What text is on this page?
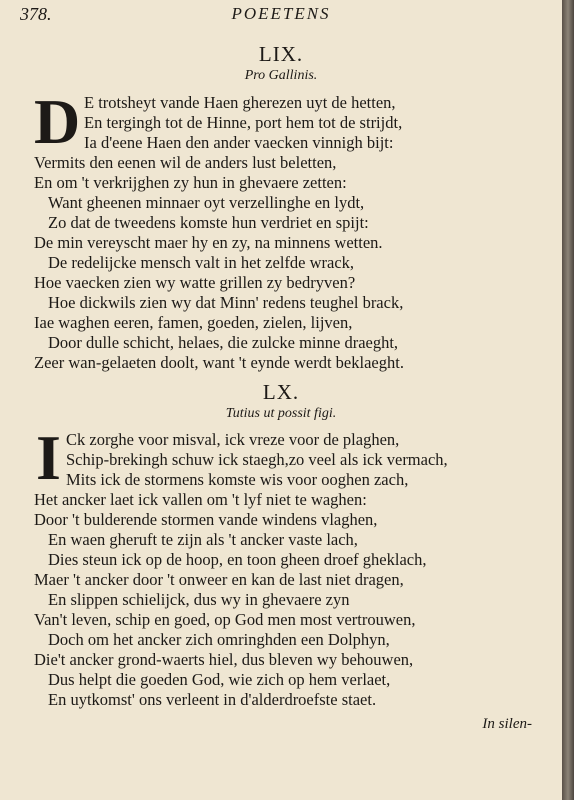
378.	POEETENS
LIX.
Pro Gallinis.
D E trotsheyt vande Haen gherezen uyt de hetten,
En tergingh tot de Hinne, port hem tot de strijdt,
Ia d'eene Haen den ander vaecken vinnigh bijt:
Vermits den eenen wil de anders lust beletten,
En om 't verkrijghen zy hun in ghevaere zetten:
Want gheenen minnaer oyt verzellinghe en lydt,
Zo dat de tweedens komste hun verdriet en spijt:
De min vereyscht maer hy en zy, na minnens wetten.
De redelijcke mensch valt in het zelfde wrack,
Hoe vaecken zien wy watte grillen zy bedryven?
Hoe dickwils zien wy dat Minn' redens teughel brack,
Iae waghen eeren, famen, goeden, zielen, lijven,
Door dulle schicht, helaes, die zulcke minne draeght,
Zeer wan-gelaeten doolt, want 't eynde werdt beklaeght.
LX.
Tutius ut possit figi.
I Ck zorghe voor misval, ick vreze voor de plaghen,
Schip-brekingh schuw ick staegh,zo veel als ick vermach,
Mits ick de stormens komste wis voor ooghen zach,
Het ancker laet ick vallen om 't lyf niet te waghen:
Door 't bulderende stormen vande windens vlaghen,
En waen gheruft te zijn als 't ancker vaste lach,
Dies steun ick op de hoop, en toon gheen droef gheklach,
Maer 't ancker door 't onweer en kan de last niet dragen,
En slippen schielijck, dus wy in ghevaere zyn
Van't leven, schip en goed, op God men most vertrouwen,
Doch om het ancker zich omringhden een Dolphyn,
Die't ancker grond-waerts hiel, dus bleven wy behouwen,
Dus helpt die goeden God, wie zich op hem verlaet,
En uytkomst' ons verleent in d'alderdroefste staet.
In silen-
